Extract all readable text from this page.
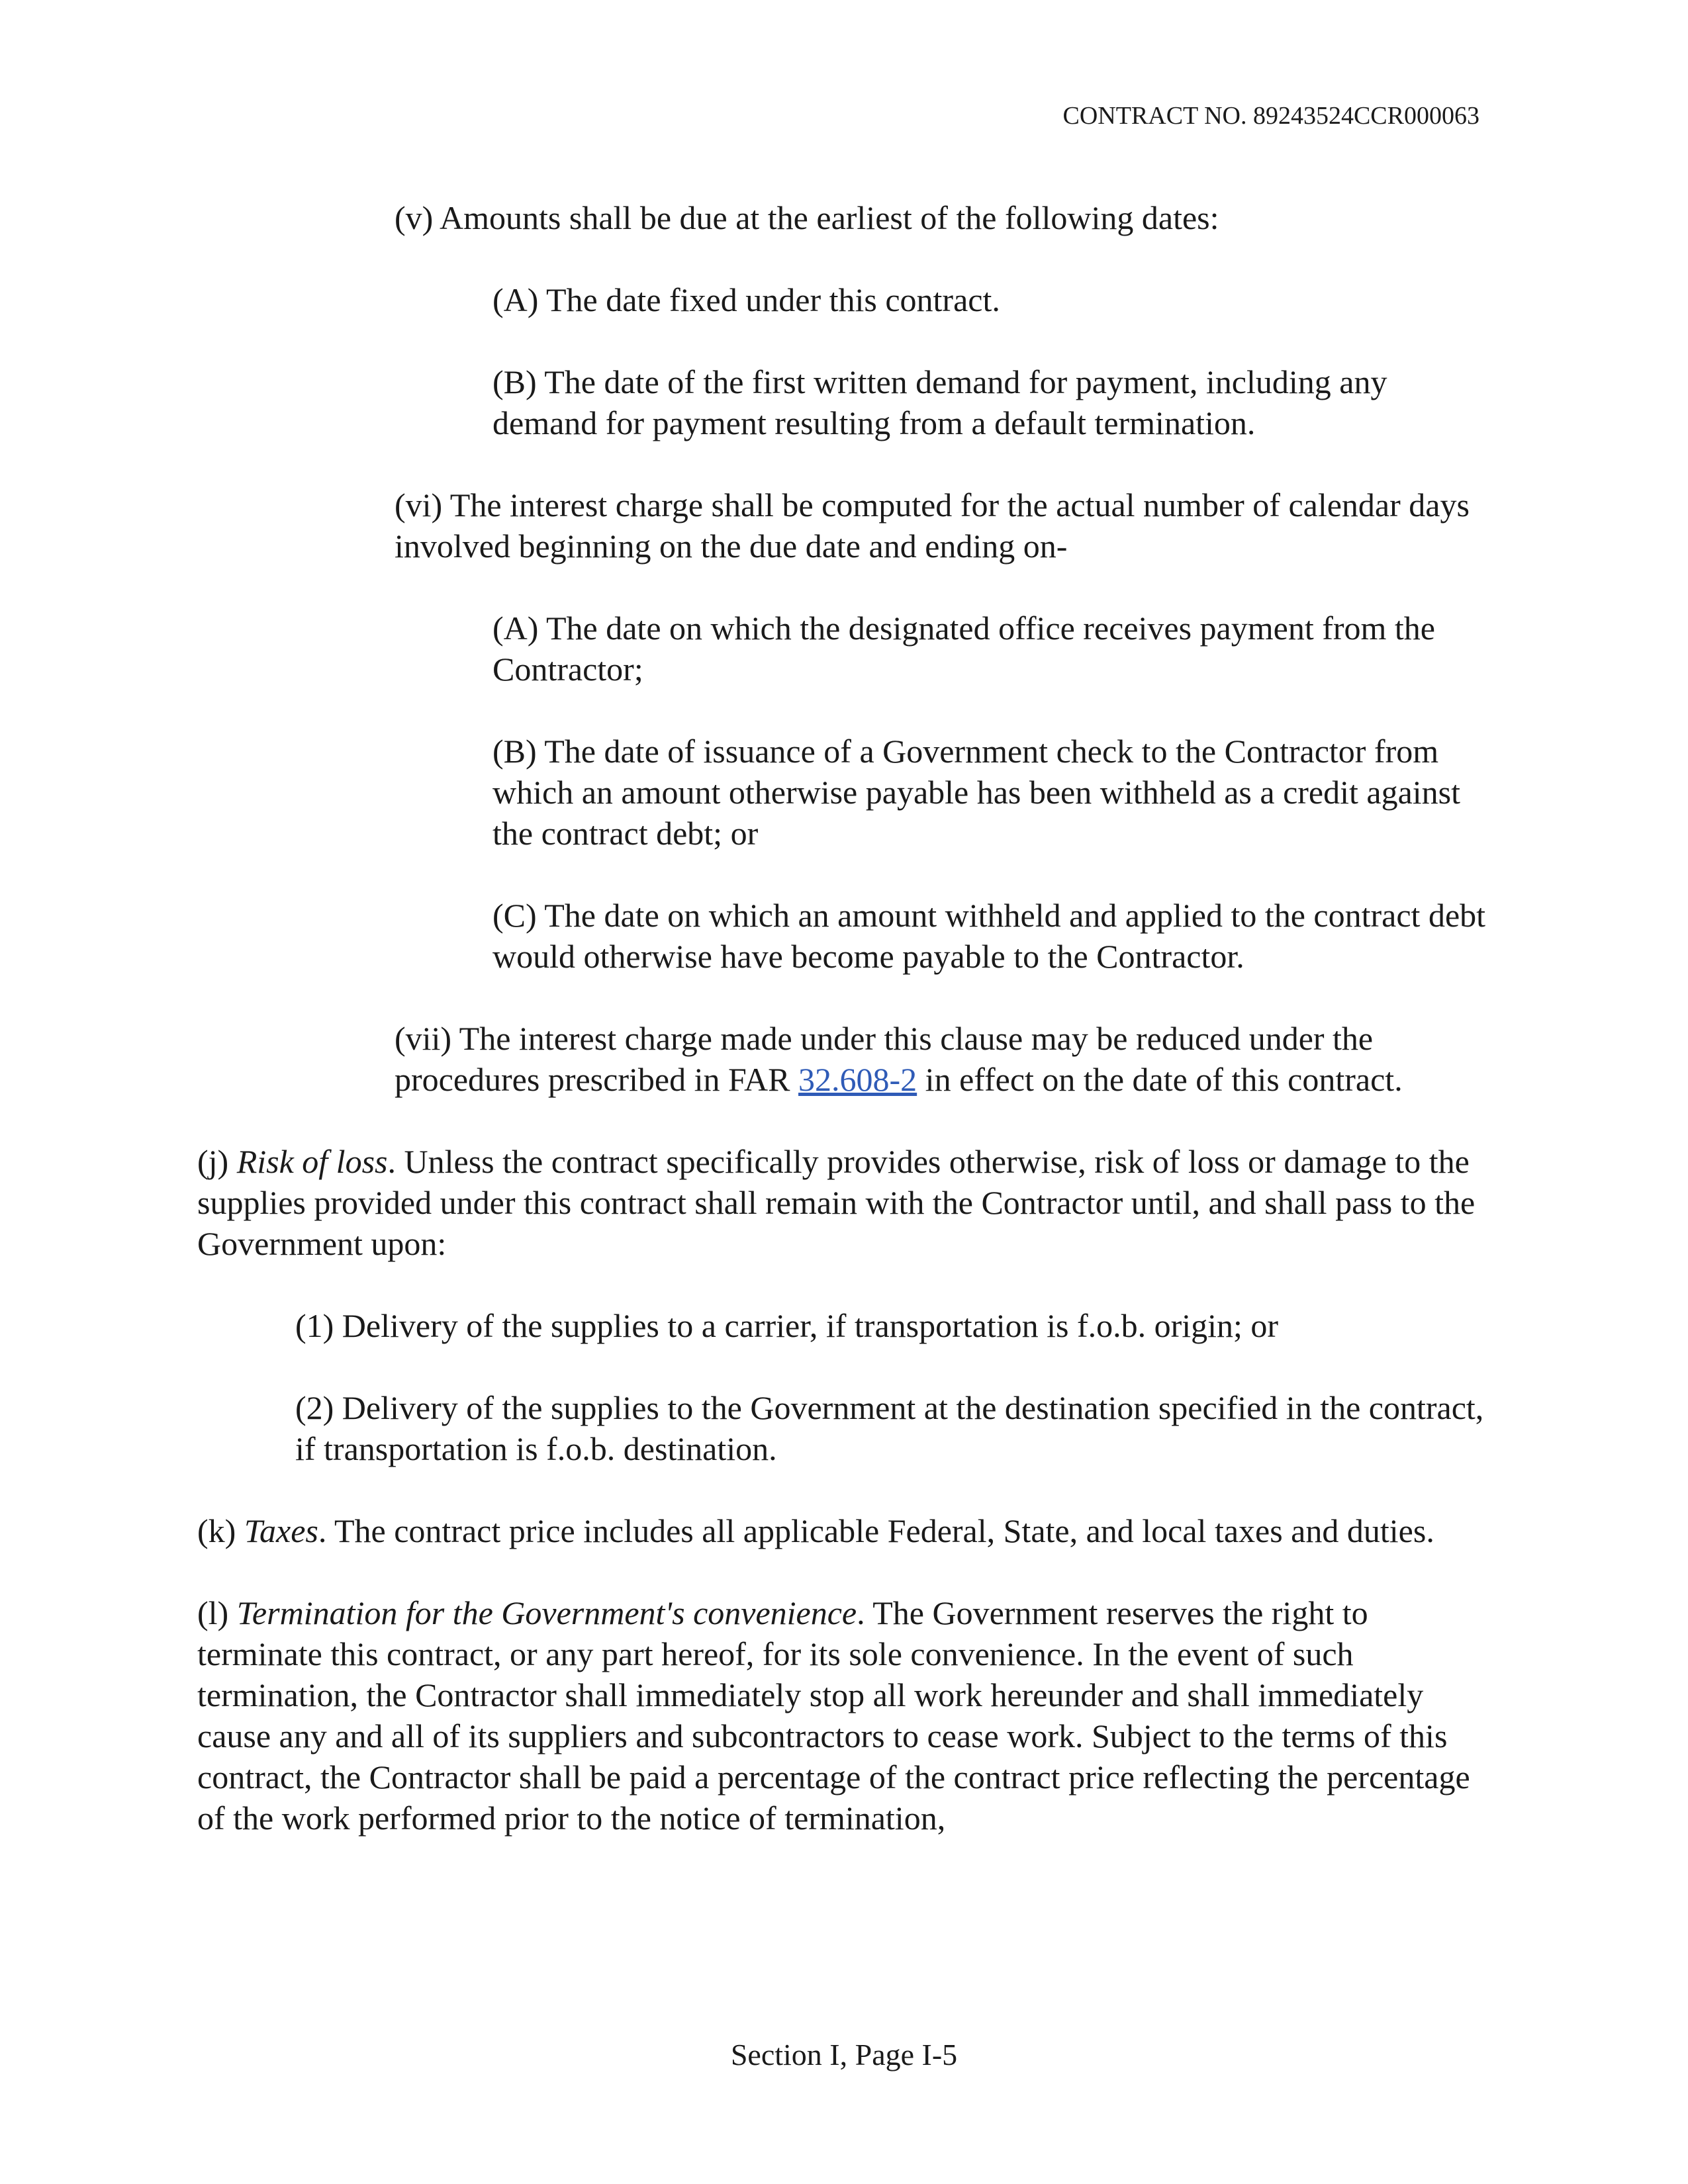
CONTRACT NO. 89243524CCR000063

(v) Amounts shall be due at the earliest of the following dates:

(A) The date fixed under this contract.

(B) The date of the first written demand for payment, including any demand for payment resulting from a default termination.

(vi) The interest charge shall be computed for the actual number of calendar days involved beginning on the due date and ending on-

(A) The date on which the designated office receives payment from the Contractor;

(B) The date of issuance of a Government check to the Contractor from which an amount otherwise payable has been withheld as a credit against the contract debt; or

(C) The date on which an amount withheld and applied to the contract debt would otherwise have become payable to the Contractor.

(vii) The interest charge made under this clause may be reduced under the procedures prescribed in FAR 32.608-2 in effect on the date of this contract.

(j) Risk of loss. Unless the contract specifically provides otherwise, risk of loss or damage to the supplies provided under this contract shall remain with the Contractor until, and shall pass to the Government upon:

(1) Delivery of the supplies to a carrier, if transportation is f.o.b. origin; or

(2) Delivery of the supplies to the Government at the destination specified in the contract, if transportation is f.o.b. destination.

(k) Taxes. The contract price includes all applicable Federal, State, and local taxes and duties.

(l) Termination for the Government's convenience. The Government reserves the right to terminate this contract, or any part hereof, for its sole convenience. In the event of such termination, the Contractor shall immediately stop all work hereunder and shall immediately cause any and all of its suppliers and subcontractors to cease work. Subject to the terms of this contract, the Contractor shall be paid a percentage of the contract price reflecting the percentage of the work performed prior to the notice of termination,

Section I, Page I-5
